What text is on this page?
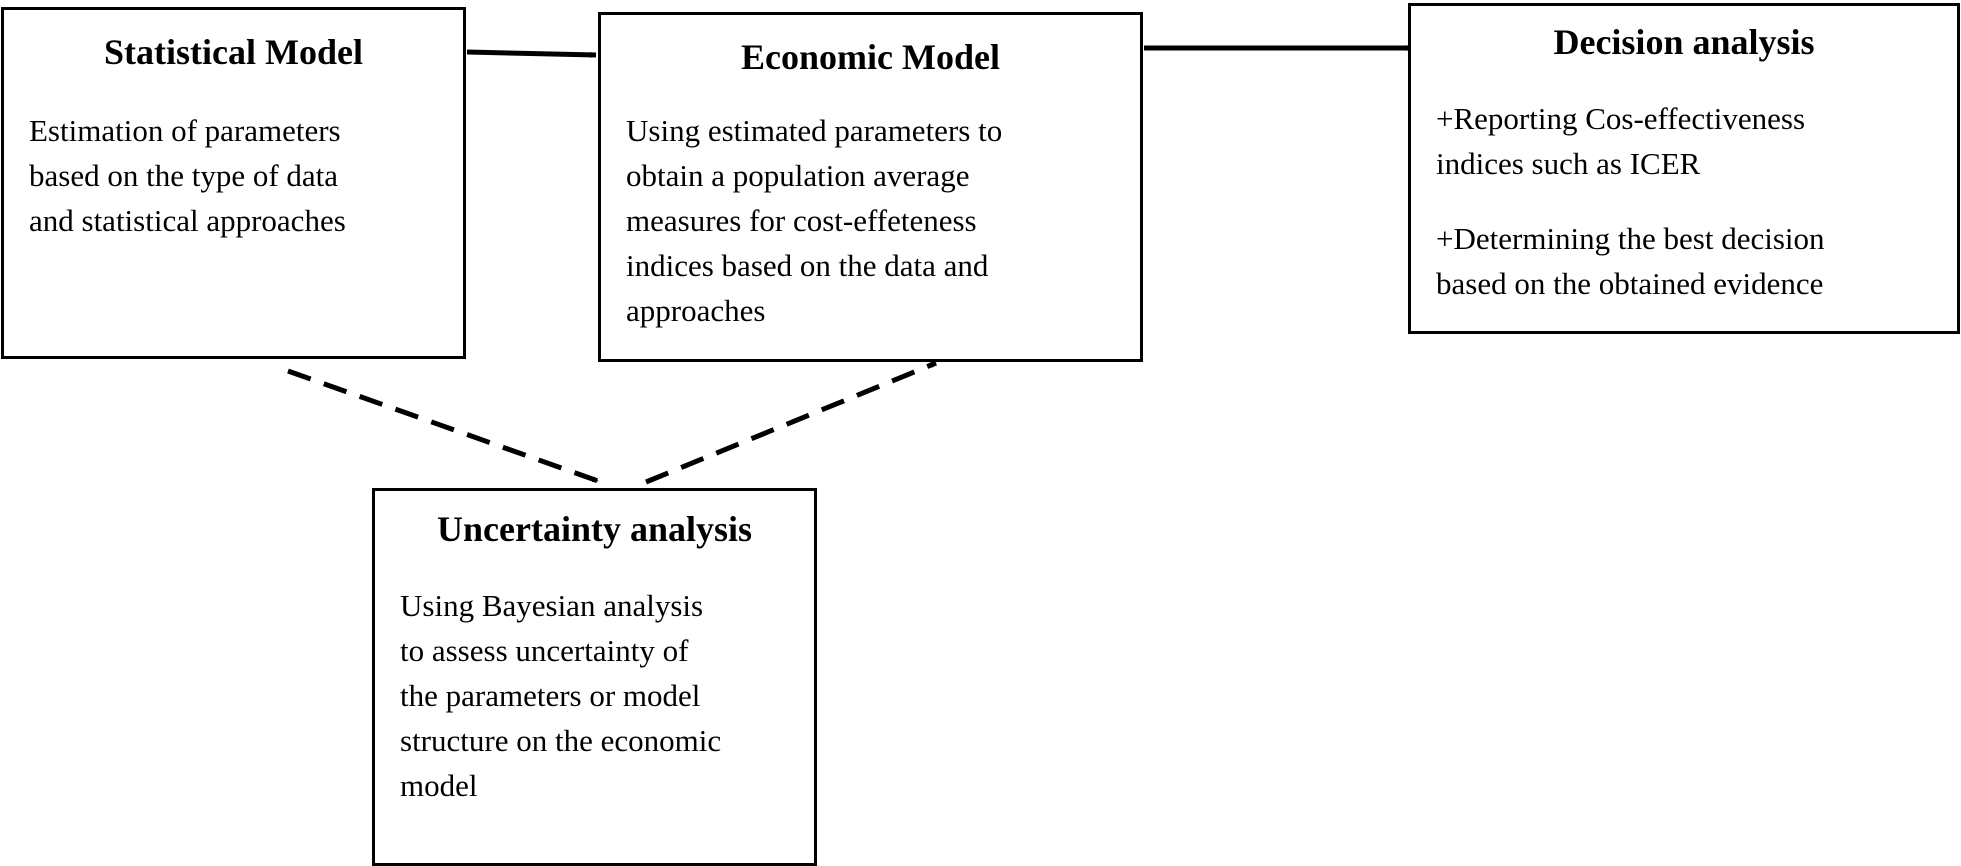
Statistical Model

Estimation of parameters

based on the type of data

and statistical approaches

Economic Model

Using estimated parameters to

obtain a population average

measures for cost-effeteness

indices based on the data and

approaches

Decision analysis
+Reporting Cos-effectiveness
indices such as ICER
+Determining the best decision
based on the obtained evidence
Uncertainty analysis

Using Bayesian analysis

to assess uncertainty of

the parameters or model

structure on the economic

model
